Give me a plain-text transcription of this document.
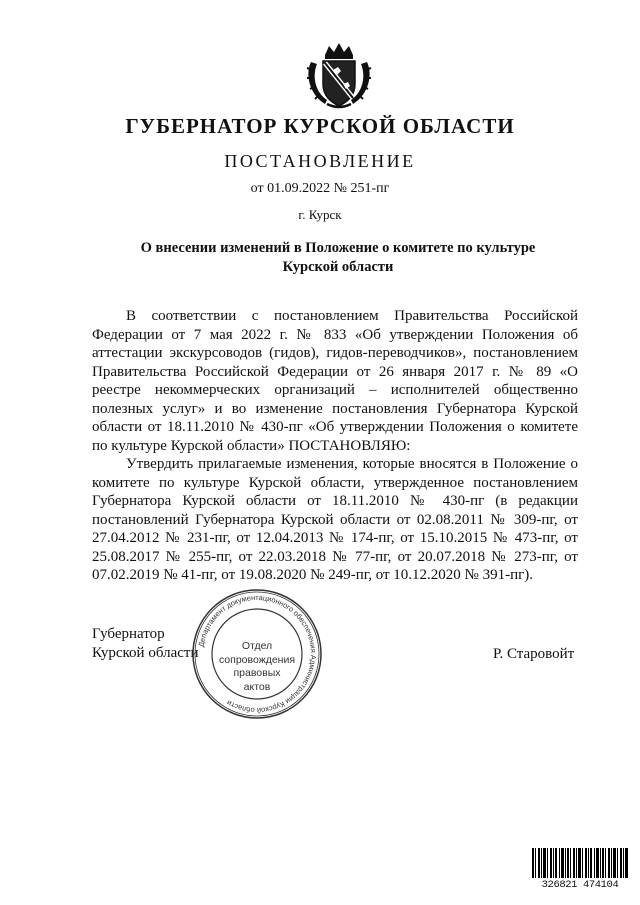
ГУБЕРНАТОР КУРСКОЙ ОБЛАСТИ
ПОСТАНОВЛЕНИЕ
от 01.09.2022 № 251-пг
г. Курск
О внесении изменений в Положение о комитете по культуре Курской области

В соответствии с постановлением Правительства Российской Федерации от 7 мая 2022 г. № 833 «Об утверждении Положения об аттестации экскурсоводов (гидов), гидов-переводчиков», постановлением Правительства Российской Федерации от 26 января 2017 г. № 89 «О реестре некоммерческих организаций – исполнителей общественно полезных услуг» и во изменение постановления Губернатора Курской области от 18.11.2010 № 430-пг «Об утверждении Положения о комитете по культуре Курской области» ПОСТАНОВЛЯЮ:

Утвердить прилагаемые изменения, которые вносятся в Положение о комитете по культуре Курской области, утвержденное постановлением Губернатора Курской области от 18.11.2010 № 430-пг (в редакции постановлений Губернатора Курской области от 02.08.2011 № 309-пг, от 27.04.2012 № 231-пг, от 12.04.2013 № 174-пг, от 15.10.2015 № 473-пг, от 25.08.2017 № 255-пг, от 22.03.2018 № 77-пг, от 20.07.2018 № 273-пг, от 07.02.2019 № 41-пг, от 19.08.2020 № 249-пг, от 10.12.2020 № 391-пг).

Губернатор
Курской области	Р. Старовойт
Департамент документационного обеспечения Администрации Курской области
Отдел
сопровождения
правовых
актов
326821 474104
